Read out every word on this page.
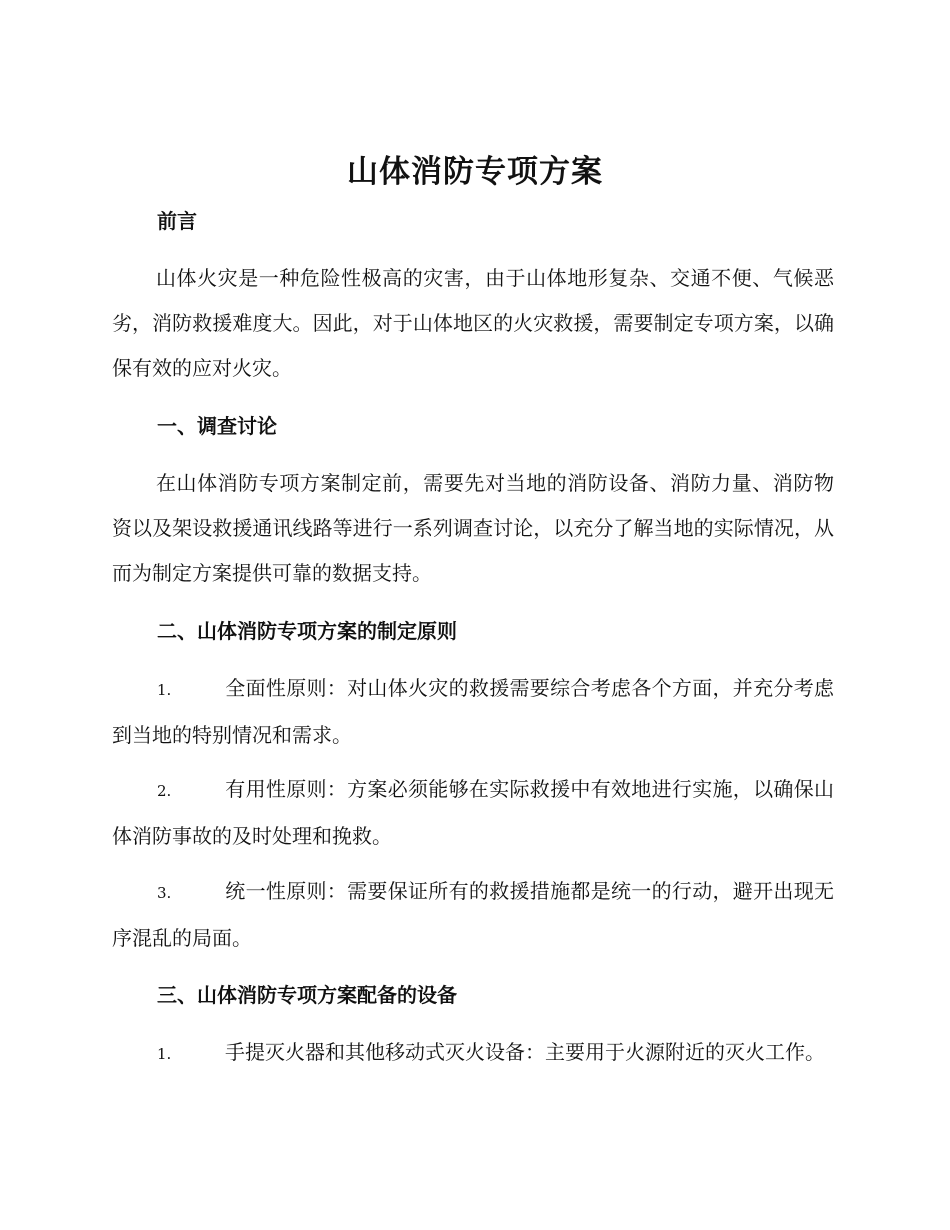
山体消防专项方案
前言
山体火灾是一种危险性极高的灾害，由于山体地形复杂、交通不便、气候恶劣，消防救援难度大。因此，对于山体地区的火灾救援，需要制定专项方案，以确保有效的应对火灾。
一、调查讨论
在山体消防专项方案制定前，需要先对当地的消防设备、消防力量、消防物资以及架设救援通讯线路等进行一系列调查讨论，以充分了解当地的实际情况，从而为制定方案提供可靠的数据支持。
二、山体消防专项方案的制定原则
1.	全面性原则：对山体火灾的救援需要综合考虑各个方面，并充分考虑到当地的特别情况和需求。
2.	有用性原则：方案必须能够在实际救援中有效地进行实施，以确保山体消防事故的及时处理和挽救。
3.	统一性原则：需要保证所有的救援措施都是统一的行动，避开出现无序混乱的局面。
三、山体消防专项方案配备的设备
1.	手提灭火器和其他移动式灭火设备：主要用于火源附近的灭火工作。
